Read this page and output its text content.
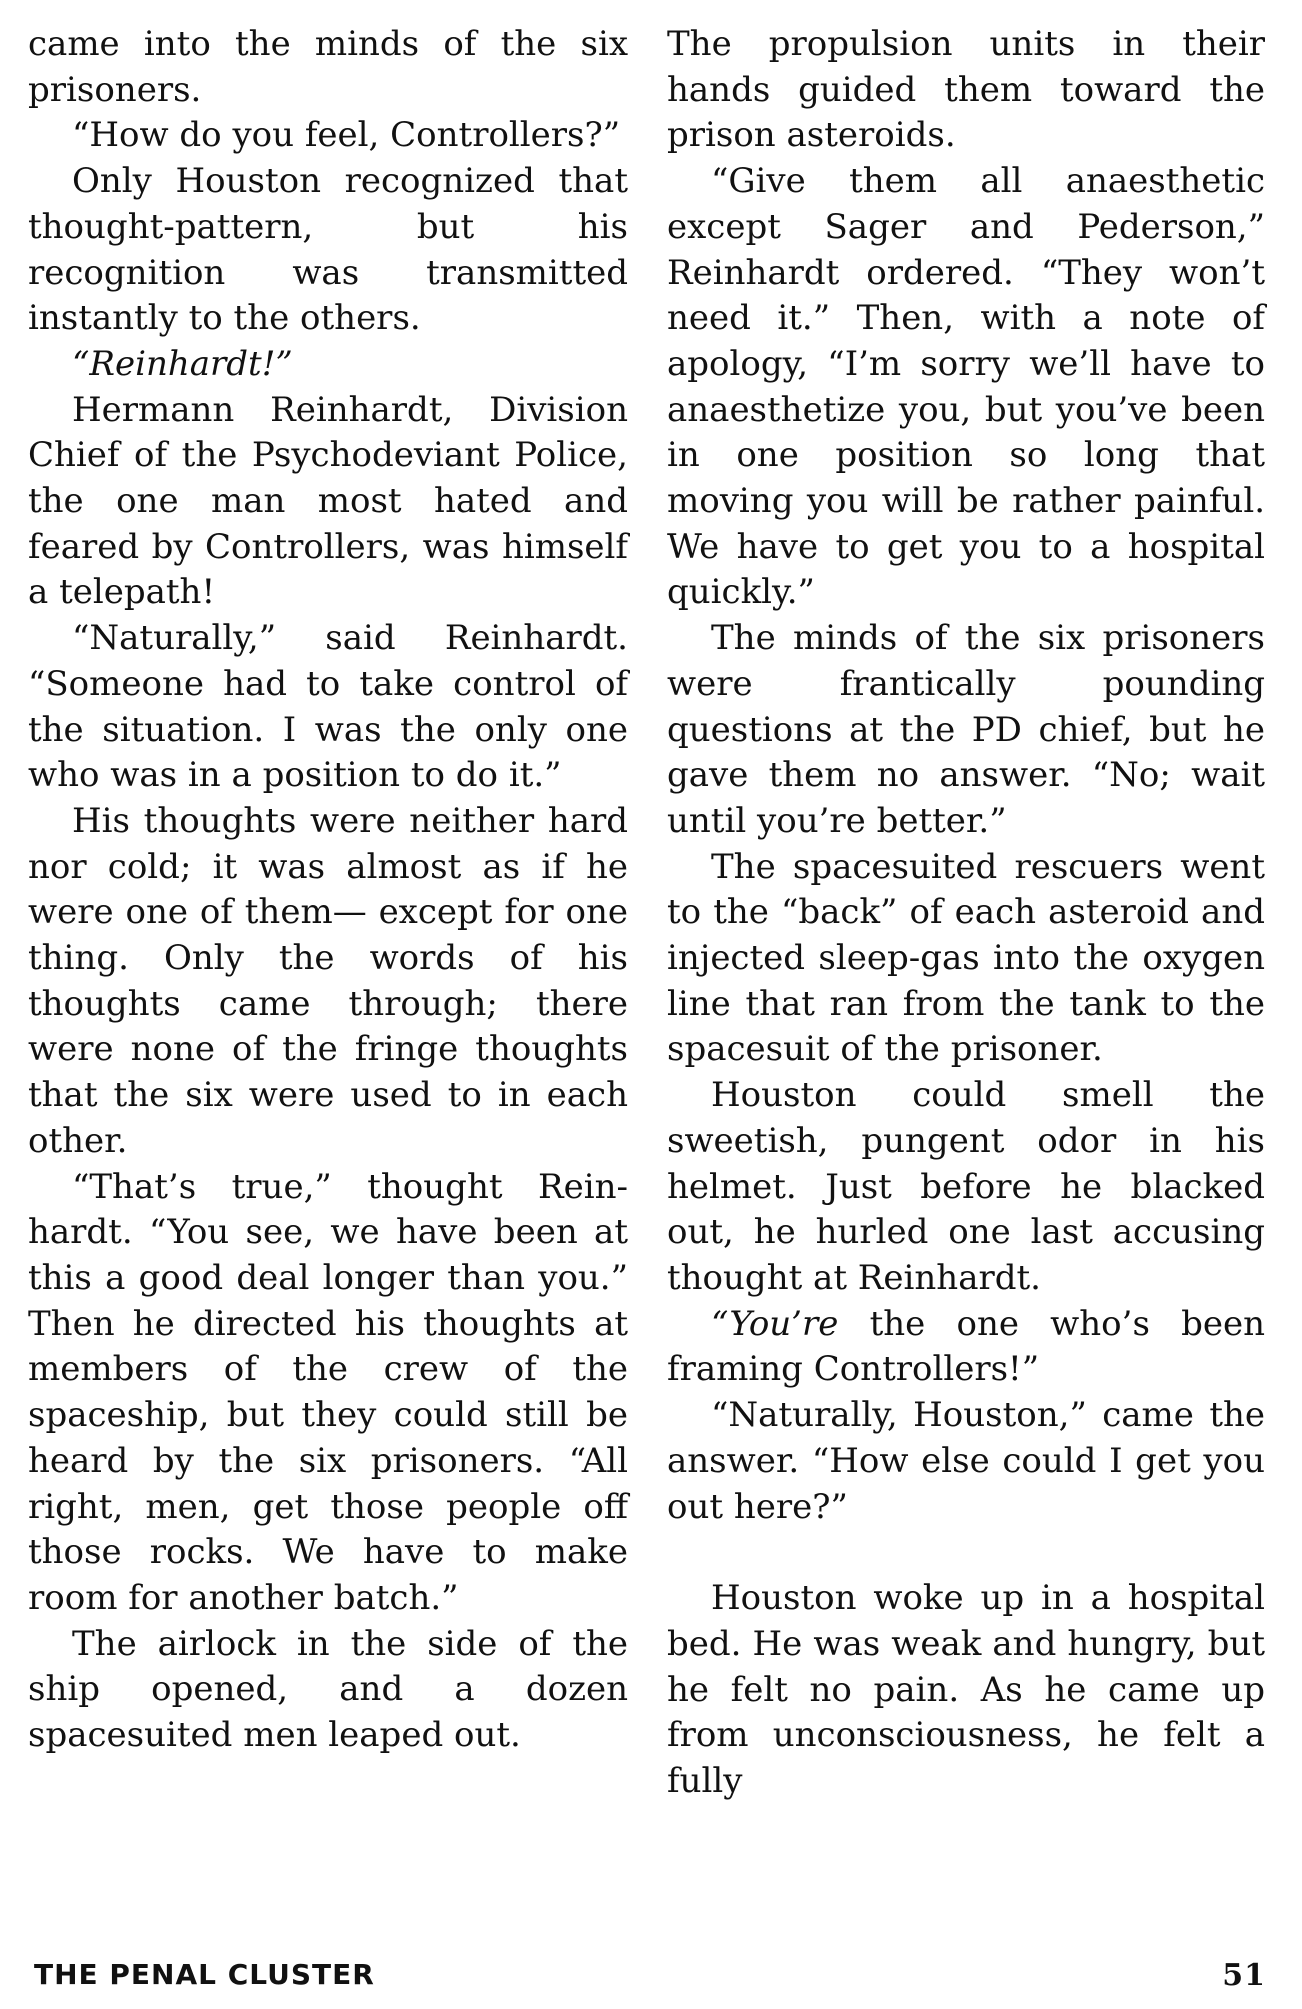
came into the minds of the six prisoners.

“How do you feel, Controllers?”

Only Houston recognized that thought-pattern, but his recognition was transmitted instantly to the others.

“Reinhardt!”

Hermann Reinhardt, Division Chief of the Psychodeviant Police, the one man most hated and feared by Controllers, was himself a telepath!

“Naturally,” said Reinhardt. “Someone had to take control of the situation. I was the only one who was in a position to do it.”

His thoughts were neither hard nor cold; it was almost as if he were one of them— except for one thing. Only the words of his thoughts came through; there were none of the fringe thoughts that the six were used to in each other.

“That’s true,” thought Reinhardt. “You see, we have been at this a good deal longer than you.” Then he directed his thoughts at members of the crew of the spaceship, but they could still be heard by the six prisoners. “All right, men, get those people off those rocks. We have to make room for another batch.”

The airlock in the side of the ship opened, and a dozen spacesuited men leaped out.

The propulsion units in their hands guided them toward the prison asteroids.

“Give them all anaesthetic except Sager and Pederson,” Reinhardt ordered. “They won’t need it.” Then, with a note of apology, “I’m sorry we’ll have to anaesthetize you, but you’ve been in one position so long that moving you will be rather painful. We have to get you to a hospital quickly.”

The minds of the six prisoners were frantically pounding questions at the PD chief, but he gave them no answer. “No; wait until you’re better.”

The spacesuited rescuers went to the “back” of each asteroid and injected sleep-gas into the oxygen line that ran from the tank to the spacesuit of the prisoner.

Houston could smell the sweetish, pungent odor in his helmet. Just before he blacked out, he hurled one last accusing thought at Reinhardt.

“You’re the one who’s been framing Controllers!”

“Naturally, Houston,” came the answer. “How else could I get you out here?”

Houston woke up in a hospital bed. He was weak and hungry, but he felt no pain. As he came up from unconsciousness, he felt a fully

THE PENAL CLUSTER	51
